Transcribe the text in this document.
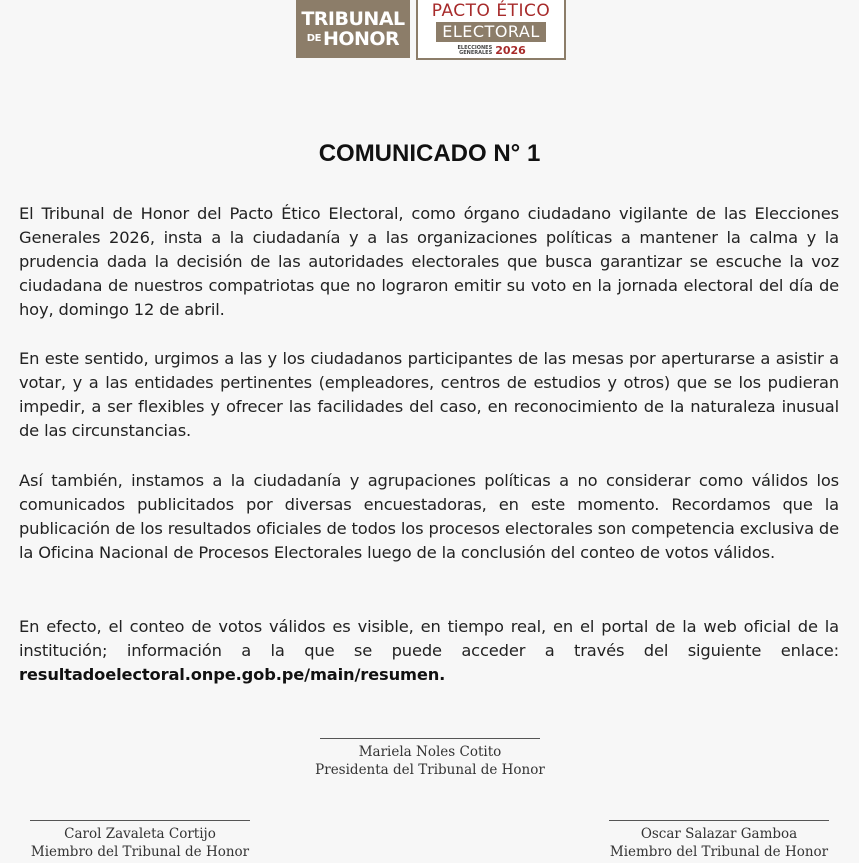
TRIBUNAL
DE HONOR
PACTO ÉTICO
ELECTORAL
ELECCIONES GENERALES 2026
COMUNICADO N° 1

El Tribunal de Honor del Pacto Ético Electoral, como órgano ciudadano vigilante de las Elecciones Generales 2026, insta a la ciudadanía y a las organizaciones políticas a mantener la calma y la prudencia dada la decisión de las autoridades electorales que busca garantizar se escuche la voz ciudadana de nuestros compatriotas que no lograron emitir su voto en la jornada electoral del día de hoy, domingo 12 de abril.

En este sentido, urgimos a las y los ciudadanos participantes de las mesas por aperturarse a asistir a votar, y a las entidades pertinentes (empleadores, centros de estudios y otros) que se los pudieran impedir, a ser flexibles y ofrecer las facilidades del caso, en reconocimiento de la naturaleza inusual de las circunstancias.

Así también, instamos a la ciudadanía y agrupaciones políticas a no considerar como válidos los comunicados publicitados por diversas encuestadoras, en este momento. Recordamos que la publicación de los resultados oficiales de todos los procesos electorales son competencia exclusiva de la Oficina Nacional de Procesos Electorales luego de la conclusión del conteo de votos válidos.

En efecto, el conteo de votos válidos es visible, en tiempo real, en el portal de la web oficial de la institución; información a la que se puede acceder a través del siguiente enlace: resultadoelectoral.onpe.gob.pe/main/resumen.

Mariela Noles Cotito
Presidenta del Tribunal de Honor
Carol Zavaleta Cortijo
Miembro del Tribunal de Honor
Oscar Salazar Gamboa
Miembro del Tribunal de Honor
